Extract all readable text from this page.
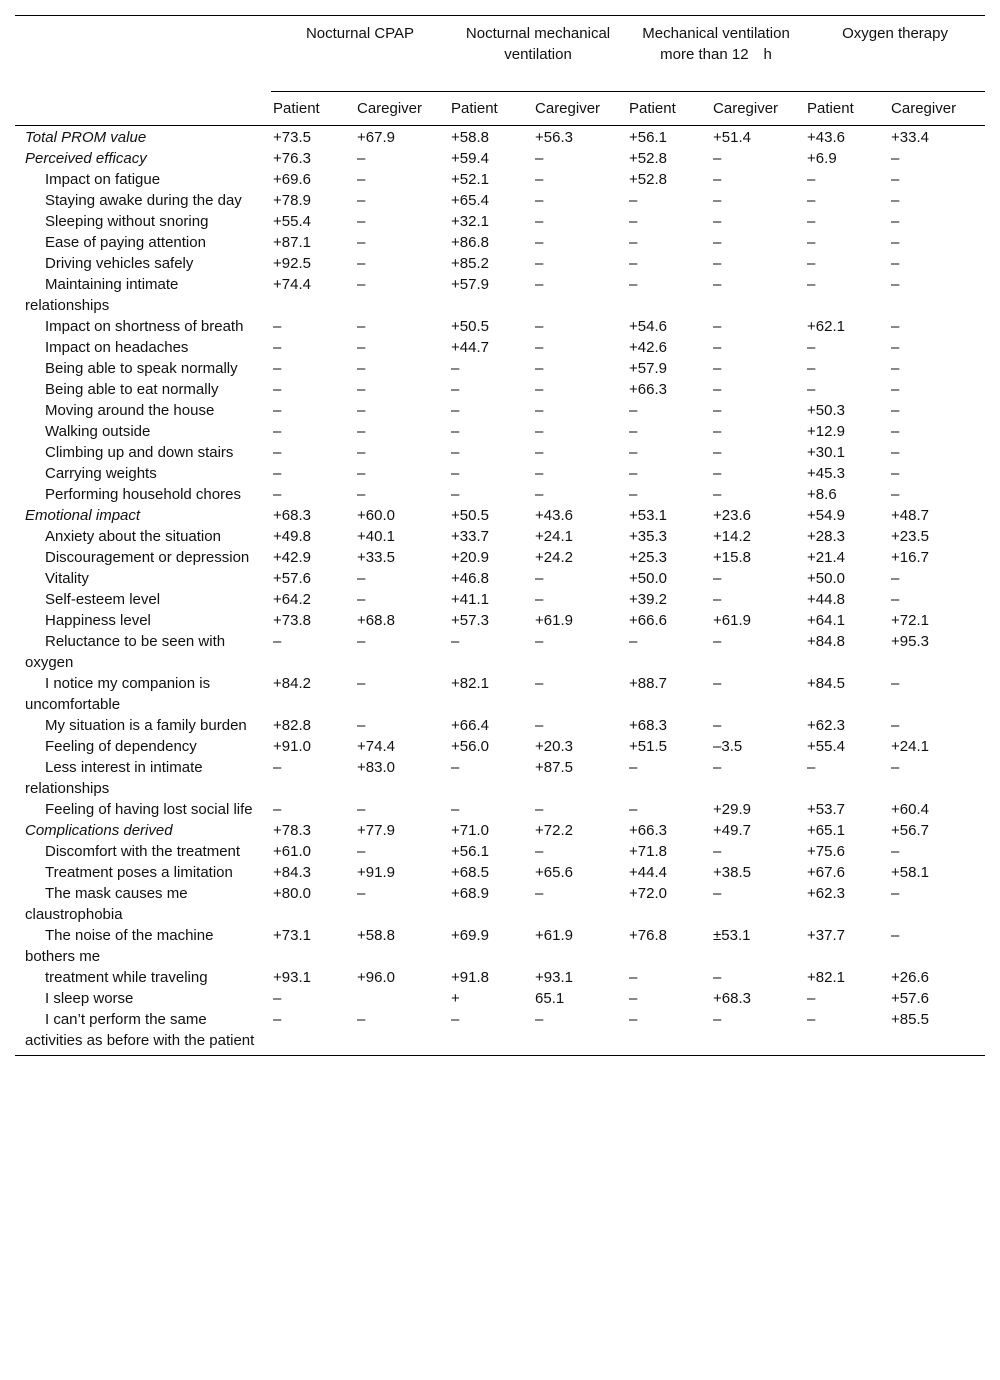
	Nocturnal CPAP		Nocturnal mechanical ventilation		Mechanical ventilation more than 12 h		Oxygen therapy	
	Patient	Caregiver	Patient	Caregiver	Patient	Caregiver	Patient	Caregiver
Total PROM value	+73.5	+67.9	+58.8	+56.3	+56.1	+51.4	+43.6	+33.4
Perceived efficacy	+76.3	–	+59.4	–	+52.8	–	+6.9	–
Impact on fatigue	+69.6	–	+52.1	–	+52.8	–	–	–
Staying awake during the day	+78.9	–	+65.4	–	–	–	–	–
Sleeping without snoring	+55.4	–	+32.1	–	–	–	–	–
Ease of paying attention	+87.1	–	+86.8	–	–	–	–	–
Driving vehicles safely	+92.5	–	+85.2	–	–	–	–	–
Maintaining intimate relationships	+74.4	–	+57.9	–	–	–	–	–
Impact on shortness of breath	–	–	+50.5	–	+54.6	–	+62.1	–
Impact on headaches	–	–	+44.7	–	+42.6	–	–	–
Being able to speak normally	–	–	–	–	+57.9	–	–	–
Being able to eat normally	–	–	–	–	+66.3	–	–	–
Moving around the house	–	–	–	–	–	–	+50.3	–
Walking outside	–	–	–	–	–	–	+12.9	–
Climbing up and down stairs	–	–	–	–	–	–	+30.1	–
Carrying weights	–	–	–	–	–	–	+45.3	–
Performing household chores	–	–	–	–	–	–	+8.6	–
Emotional impact	+68.3	+60.0	+50.5	+43.6	+53.1	+23.6	+54.9	+48.7
Anxiety about the situation	+49.8	+40.1	+33.7	+24.1	+35.3	+14.2	+28.3	+23.5
Discouragement or depression	+42.9	+33.5	+20.9	+24.2	+25.3	+15.8	+21.4	+16.7
Vitality	+57.6	–	+46.8	–	+50.0	–	+50.0	–
Self-esteem level	+64.2	–	+41.1	–	+39.2	–	+44.8	–
Happiness level	+73.8	+68.8	+57.3	+61.9	+66.6	+61.9	+64.1	+72.1
Reluctance to be seen with oxygen	–	–	–	–	–	–	+84.8	+95.3
I notice my companion is uncomfortable	+84.2	–	+82.1	–	+88.7	–	+84.5	–
My situation is a family burden	+82.8	–	+66.4	–	+68.3	–	+62.3	–
Feeling of dependency	+91.0	+74.4	+56.0	+20.3	+51.5	–3.5	+55.4	+24.1
Less interest in intimate relationships	–	+83.0	–	+87.5	–	–	–	–
Feeling of having lost social life	–	–	–	–	–	+29.9	+53.7	+60.4
Complications derived	+78.3	+77.9	+71.0	+72.2	+66.3	+49.7	+65.1	+56.7
Discomfort with the treatment	+61.0	–	+56.1	–	+71.8	–	+75.6	–
Treatment poses a limitation	+84.3	+91.9	+68.5	+65.6	+44.4	+38.5	+67.6	+58.1
The mask causes me claustrophobia	+80.0	–	+68.9	–	+72.0	–	+62.3	–
The noise of the machine bothers me	+73.1	+58.8	+69.9	+61.9	+76.8	±53.1	+37.7	–
treatment while traveling	+93.1	+96.0	+91.8	+93.1	–	–	+82.1	+26.6
I sleep worse	–		+	65.1	–	+68.3	–	+57.6
I can’t perform the same activities as before with the patient	–	–	–	–	–	–	–	+85.5
